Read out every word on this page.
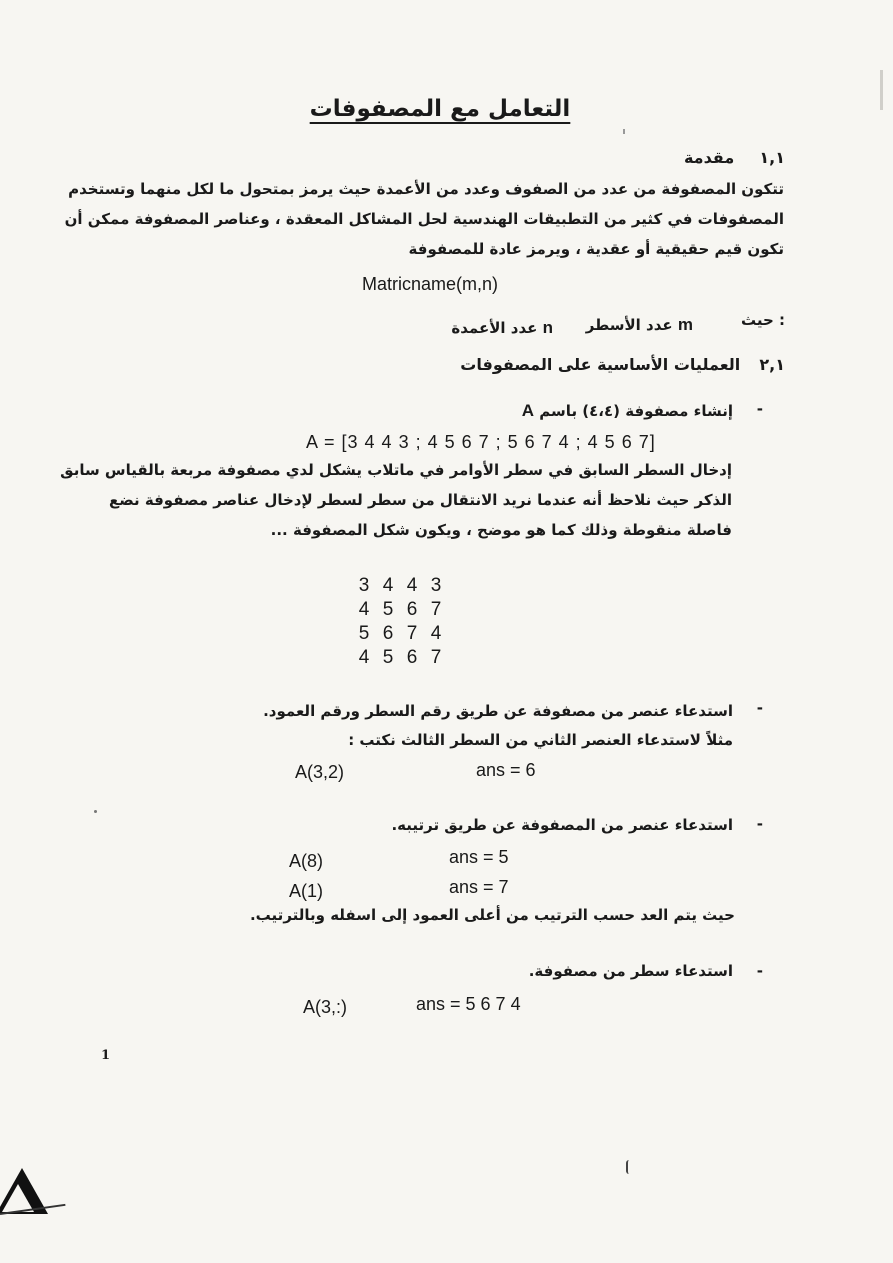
التعامل مع المصفوفات
١,١  مقدمة
تتكون المصفوفة من عدد من الصفوف وعدد من الأعمدة حيث يرمز بمتحول ما لكل منهما وتستخدم
المصفوفات في كثير من التطبيقات الهندسية لحل المشاكل المعقدة ، وعناصر المصفوفة ممكن أن
تكون قيم حقيقية أو عقدية ، ويرمز عادة للمصفوفة
Matricname(m,n)
حيث :
m عدد الأسطر
n عدد الأعمدة
٢,١  العمليات الأساسية على المصفوفات
-
إنشاء مصفوفة (٤،٤) باسم A
A = [3 4 4 3 ; 4 5 6 7 ; 5 6 7 4 ; 4 5 6 7]
إدخال السطر السابق في سطر الأوامر في ماتلاب يشكل لدي مصفوفة مربعة بالقياس سابق
الذكر حيث نلاحظ أنه عندما نريد الانتقال من سطر لسطر لإدخال عناصر مصفوفة نضع
فاصلة منقوطة وذلك كما هو موضح ، ويكون شكل المصفوفة ...
3 4 4 3
4 5 6 7
5 6 7 4
4 5 6 7
-
استدعاء عنصر من مصفوفة عن طريق رقم السطر ورقم العمود.
مثلاً لاستدعاء العنصر الثاني من السطر الثالث نكتب :
A(3,2)	ans = 6
-
استدعاء عنصر من المصفوفة عن طريق ترتيبه.
A(8)	ans = 5
A(1)	ans = 7
حيث يتم العد حسب الترتيب من أعلى العمود إلى اسفله وبالترتيب.
-
استدعاء سطر من مصفوفة.
A(3,:)	ans = 5 6 7 4
1
